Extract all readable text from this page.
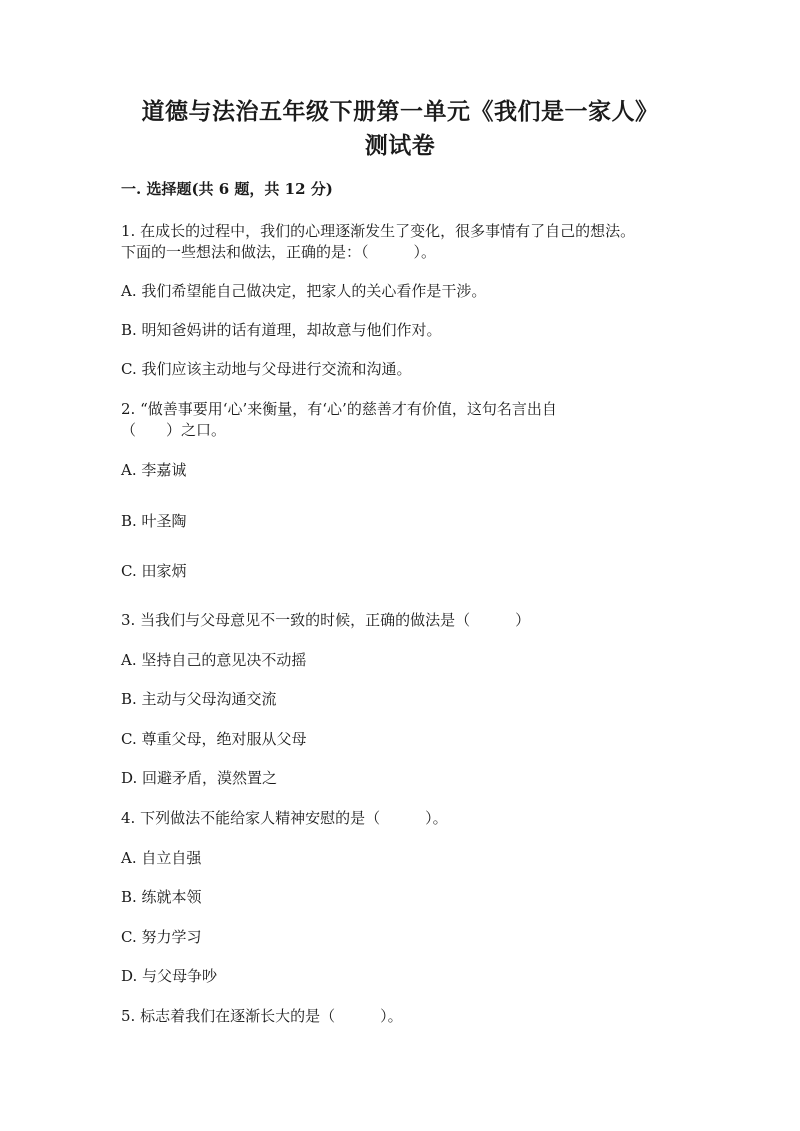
道德与法治五年级下册第一单元《我们是一家人》
测试卷
一. 选择题(共 6 题，共 12 分)
1. 在成长的过程中，我们的心理逐渐发生了变化，很多事情有了自己的想法。
下面的一些想法和做法，正确的是：（　　　）。
A. 我们希望能自己做决定，把家人的关心看作是干涉。
B. 明知爸妈讲的话有道理，却故意与他们作对。
C. 我们应该主动地与父母进行交流和沟通。
2. “做善事要用‘心’来衡量，有‘心’的慈善才有价值，这句名言出自
（　　）之口。
A. 李嘉诚
B. 叶圣陶
C. 田家炳
3. 当我们与父母意见不一致的时候，正确的做法是（　　　）
A. 坚持自己的意见决不动摇
B. 主动与父母沟通交流
C. 尊重父母，绝对服从父母
D. 回避矛盾，漠然置之
4. 下列做法不能给家人精神安慰的是（　　　）。
A. 自立自强
B. 练就本领
C. 努力学习
D. 与父母争吵
5. 标志着我们在逐渐长大的是（　　　）。
